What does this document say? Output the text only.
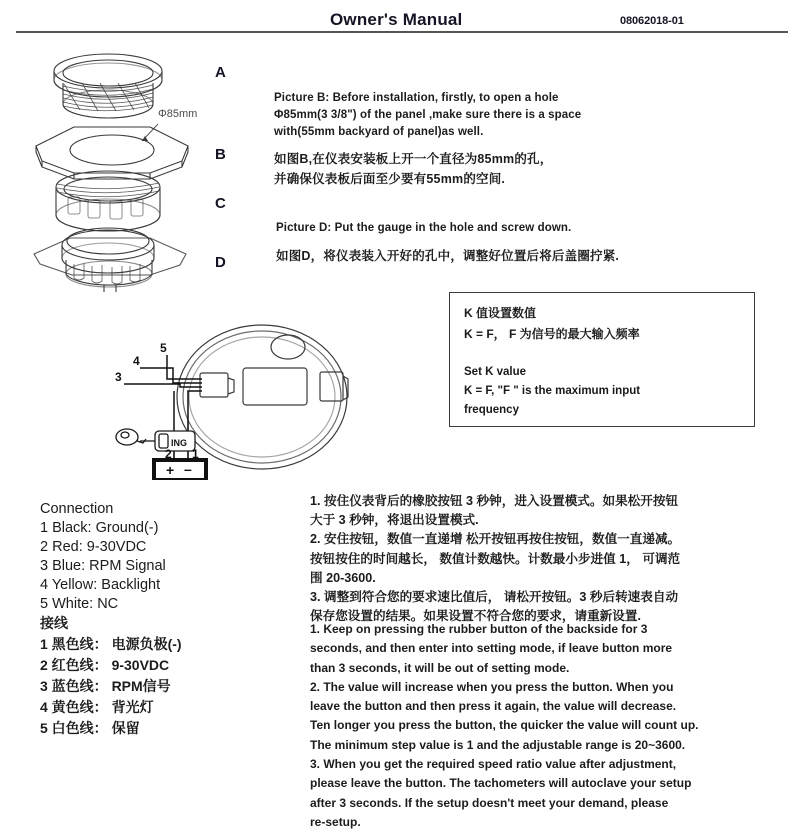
Owner's Manual	08062018-01
Φ85mm
A
B
C
D
Picture B: Before installation, firstly, to open a hole
Φ85mm(3 3/8") of the panel ,make sure there is a space
with(55mm backyard of panel)as well.
如图B,在仪表安装板上开一个直径为85mm的孔，
并确保仪表板后面至少要有55mm的空间.
Picture D: Put the gauge in the hole and screw down.
如图D，将仪表装入开好的孔中，调整好位置后将后盖圈拧紧.
K 值设置数值
K = F， F 为信号的最大输入频率
Set K value
K = F, "F " is the maximum input
frequency
ING
+ –
5
4
3
2 1
Connection
1 Black: Ground(-)
2 Red: 9-30VDC
3 Blue: RPM Signal
4 Yellow: Backlight
5 White: NC
接线
1 黑色线： 电源负极(-)
2 红色线： 9-30VDC
3 蓝色线： RPM信号
4 黄色线： 背光灯
5 白色线： 保留
1. 按住仪表背后的橡胶按钮 3 秒钟，进入设置模式。如果松开按钮
大于 3 秒钟，将退出设置模式.
2. 安住按钮，数值一直递增 松开按钮再按住按钮，数值一直递减。
按钮按住的时间越长， 数值计数越快。计数最小步进值 1， 可调范
围 20-3600.
3. 调整到符合您的要求速比值后， 请松开按钮。3 秒后转速表自动
保存您设置的结果。如果设置不符合您的要求，请重新设置.
1. Keep on pressing the rubber button of the backside for 3
seconds, and then enter into setting mode, if leave button more
than 3 seconds, it will be out of setting mode.
2. The value will increase when you press the button. When you
leave the button and then press it again, the value will decrease.
Ten longer you press the button, the quicker the value will count up.
The minimum step value is 1 and the adjustable range is 20~3600.
3. When you get the required speed ratio value after adjustment,
please leave the button. The tachometers will autoclave your setup
after 3 seconds. If the setup doesn't meet your demand, please
re-setup.
